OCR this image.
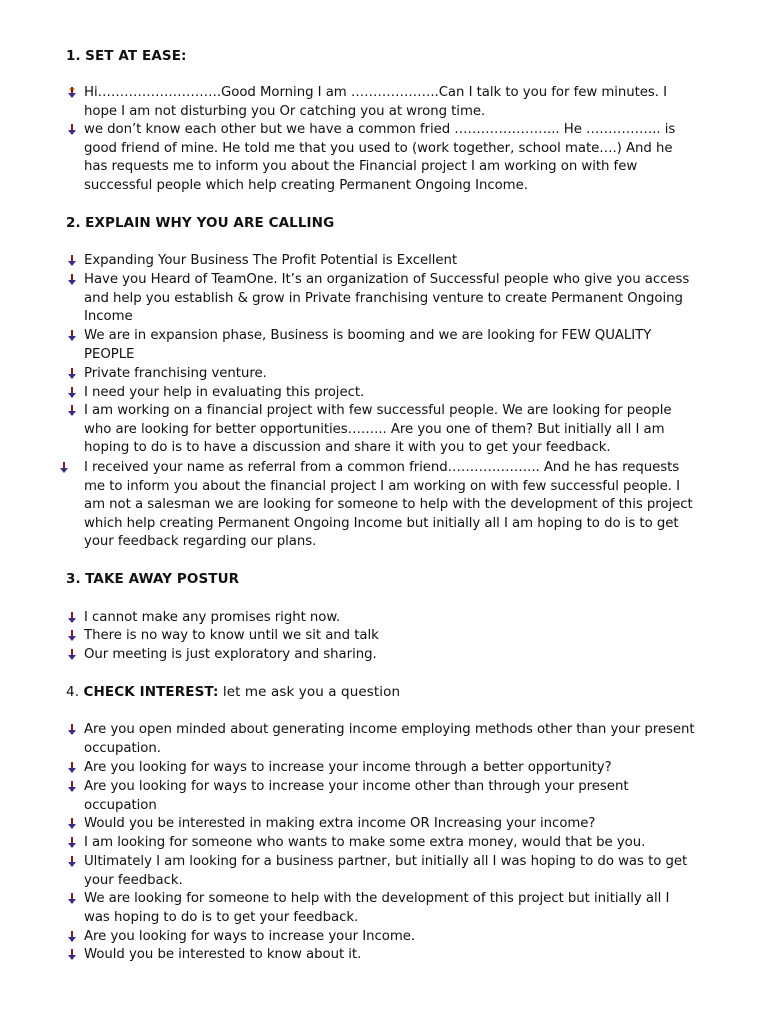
1. SET AT EASE:
Hi……………………….Good Morning I am ………………..Can I talk to you for few minutes. I
hope I am not disturbing you Or catching you at wrong time.
we don’t know each other but we have a common fried …………………... He …………….. is
good friend of mine. He told me that you used to (work together, school mate….) And he
has requests me to inform you about the Financial project I am working on with few
successful people which help creating Permanent Ongoing Income.
2. EXPLAIN WHY YOU ARE CALLING
Expanding Your Business The Profit Potential is Excellent
Have you Heard of TeamOne. It’s an organization of Successful people who give you access
and help you establish & grow in Private franchising venture to create Permanent Ongoing
Income
We are in expansion phase, Business is booming and we are looking for FEW QUALITY
PEOPLE
Private franchising venture.
I need your help in evaluating this project.
I am working on a financial project with few successful people. We are looking for people
who are looking for better opportunities……... Are you one of them? But initially all I am
hoping to do is to have a discussion and share it with you to get your feedback.
I received your name as referral from a common friend………………... And he has requests
me to inform you about the financial project I am working on with few successful people. I
am not a salesman we are looking for someone to help with the development of this project
which help creating Permanent Ongoing Income but initially all I am hoping to do is to get
your feedback regarding our plans.
3. TAKE AWAY POSTUR
I cannot make any promises right now.
There is no way to know until we sit and talk
Our meeting is just exploratory and sharing.
4. CHECK INTEREST: let me ask you a question
Are you open minded about generating income employing methods other than your present
occupation.
Are you looking for ways to increase your income through a better opportunity?
Are you looking for ways to increase your income other than through your present
occupation
Would you be interested in making extra income OR Increasing your income?
I am looking for someone who wants to make some extra money, would that be you.
Ultimately I am looking for a business partner, but initially all I was hoping to do was to get
your feedback.
We are looking for someone to help with the development of this project but initially all I
was hoping to do is to get your feedback.
Are you looking for ways to increase your Income.
Would you be interested to know about it.
